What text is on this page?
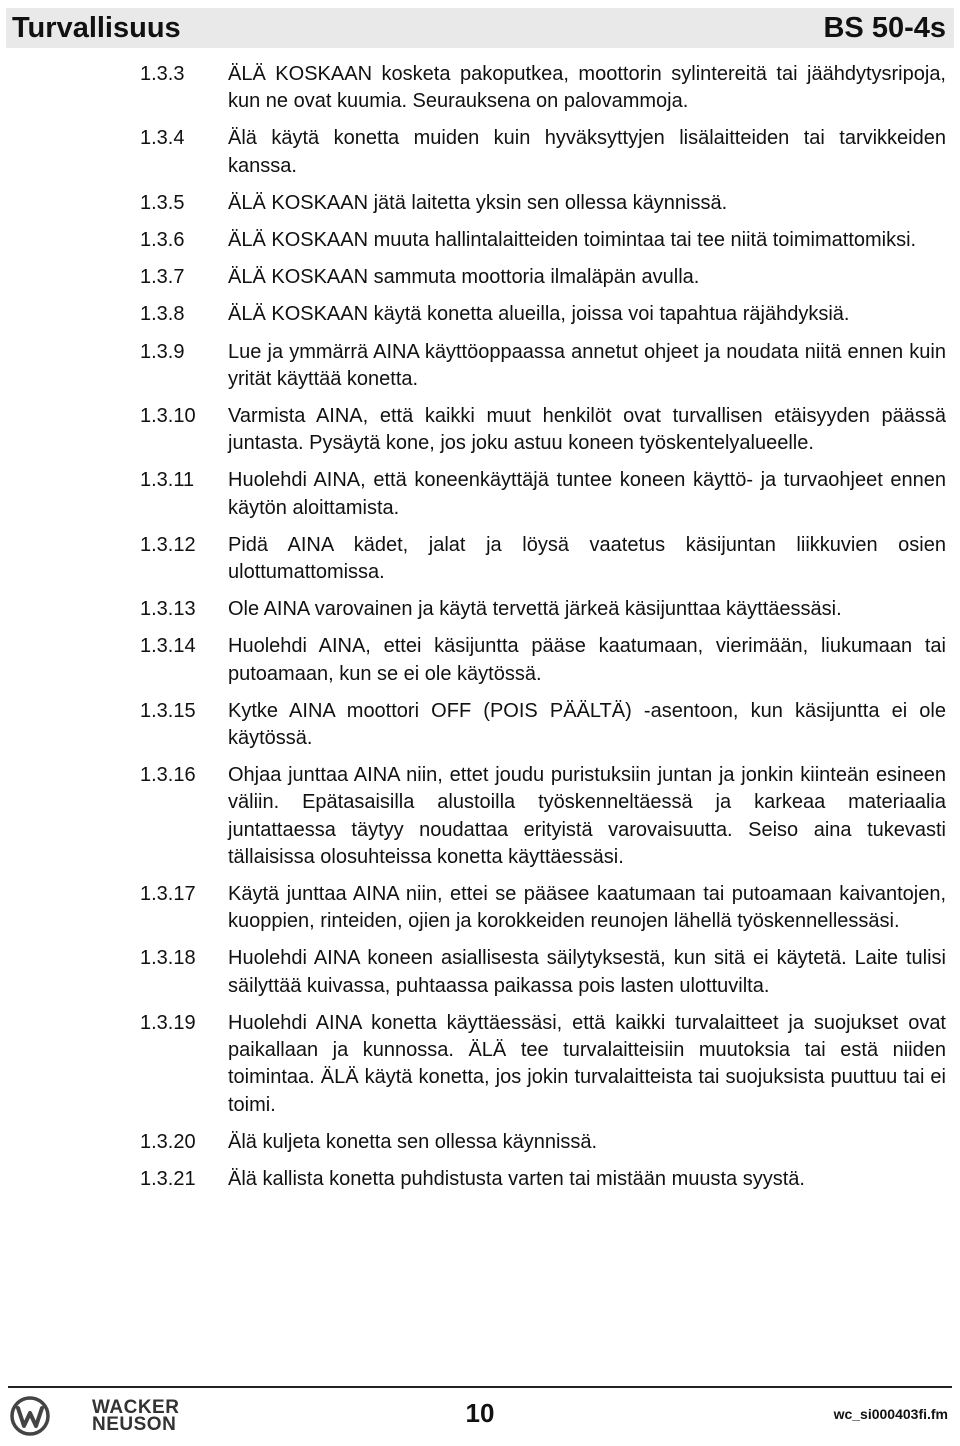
Turvallisuus	BS 50-4s
1.3.3	ÄLÄ KOSKAAN kosketa pakoputkea, moottorin sylintereitä tai jäähdytysripoja, kun ne ovat kuumia. Seurauksena on palovammoja.
1.3.4	Älä käytä konetta muiden kuin hyväksyttyjen lisälaitteiden tai tarvikkeiden kanssa.
1.3.5	ÄLÄ KOSKAAN jätä laitetta yksin sen ollessa käynnissä.
1.3.6	ÄLÄ KOSKAAN muuta hallintalaitteiden toimintaa tai tee niitä toimimattomiksi.
1.3.7	ÄLÄ KOSKAAN sammuta moottoria ilmaläpän avulla.
1.3.8	ÄLÄ KOSKAAN käytä konetta alueilla, joissa voi tapahtua räjähdyksiä.
1.3.9	Lue ja ymmärrä AINA käyttöoppaassa annetut ohjeet ja noudata niitä ennen kuin yrität käyttää konetta.
1.3.10	Varmista AINA, että kaikki muut henkilöt ovat turvallisen etäisyyden päässä juntasta. Pysäytä kone, jos joku astuu koneen työskentelyalueelle.
1.3.11	Huolehdi AINA, että koneenkäyttäjä tuntee koneen käyttö- ja turvaohjeet ennen käytön aloittamista.
1.3.12	Pidä AINA kädet, jalat ja löysä vaatetus käsijuntan liikkuvien osien ulottumattomissa.
1.3.13	Ole AINA varovainen ja käytä tervettä järkeä käsijunttaa käyttäessäsi.
1.3.14	Huolehdi AINA, ettei käsijuntta pääse kaatumaan, vierimään, liukumaan tai putoamaan, kun se ei ole käytössä.
1.3.15	Kytke AINA moottori OFF (POIS PÄÄLTÄ) -asentoon, kun käsijuntta ei ole käytössä.
1.3.16	Ohjaa junttaa AINA niin, ettet joudu puristuksiin juntan ja jonkin kiinteän esineen väliin. Epätasaisilla alustoilla työskenneltäessä ja karkeaa materiaalia juntattaessa täytyy noudattaa erityistä varovaisuutta. Seiso aina tukevasti tällaisissa olosuhteissa konetta käyttäessäsi.
1.3.17	Käytä junttaa AINA niin, ettei se pääsee kaatumaan tai putoamaan kaivantojen, kuoppien, rinteiden, ojien ja korokkeiden reunojen lähellä työskennellessäsi.
1.3.18	Huolehdi AINA koneen asiallisesta säilytyksestä, kun sitä ei käytetä. Laite tulisi säilyttää kuivassa, puhtaassa paikassa pois lasten ulottuvilta.
1.3.19	Huolehdi AINA konetta käyttäessäsi, että kaikki turvalaitteet ja suojukset ovat paikallaan ja kunnossa. ÄLÄ tee turvalaitteisiin muutoksia tai estä niiden toimintaa. ÄLÄ käytä konetta, jos jokin turvalaitteista tai suojuksista puuttuu tai ei toimi.
1.3.20	Älä kuljeta konetta sen ollessa käynnissä.
1.3.21	Älä kallista konetta puhdistusta varten tai mistään muusta syystä.
WACKER
NEUSON	10	wc_si000403fi.fm
